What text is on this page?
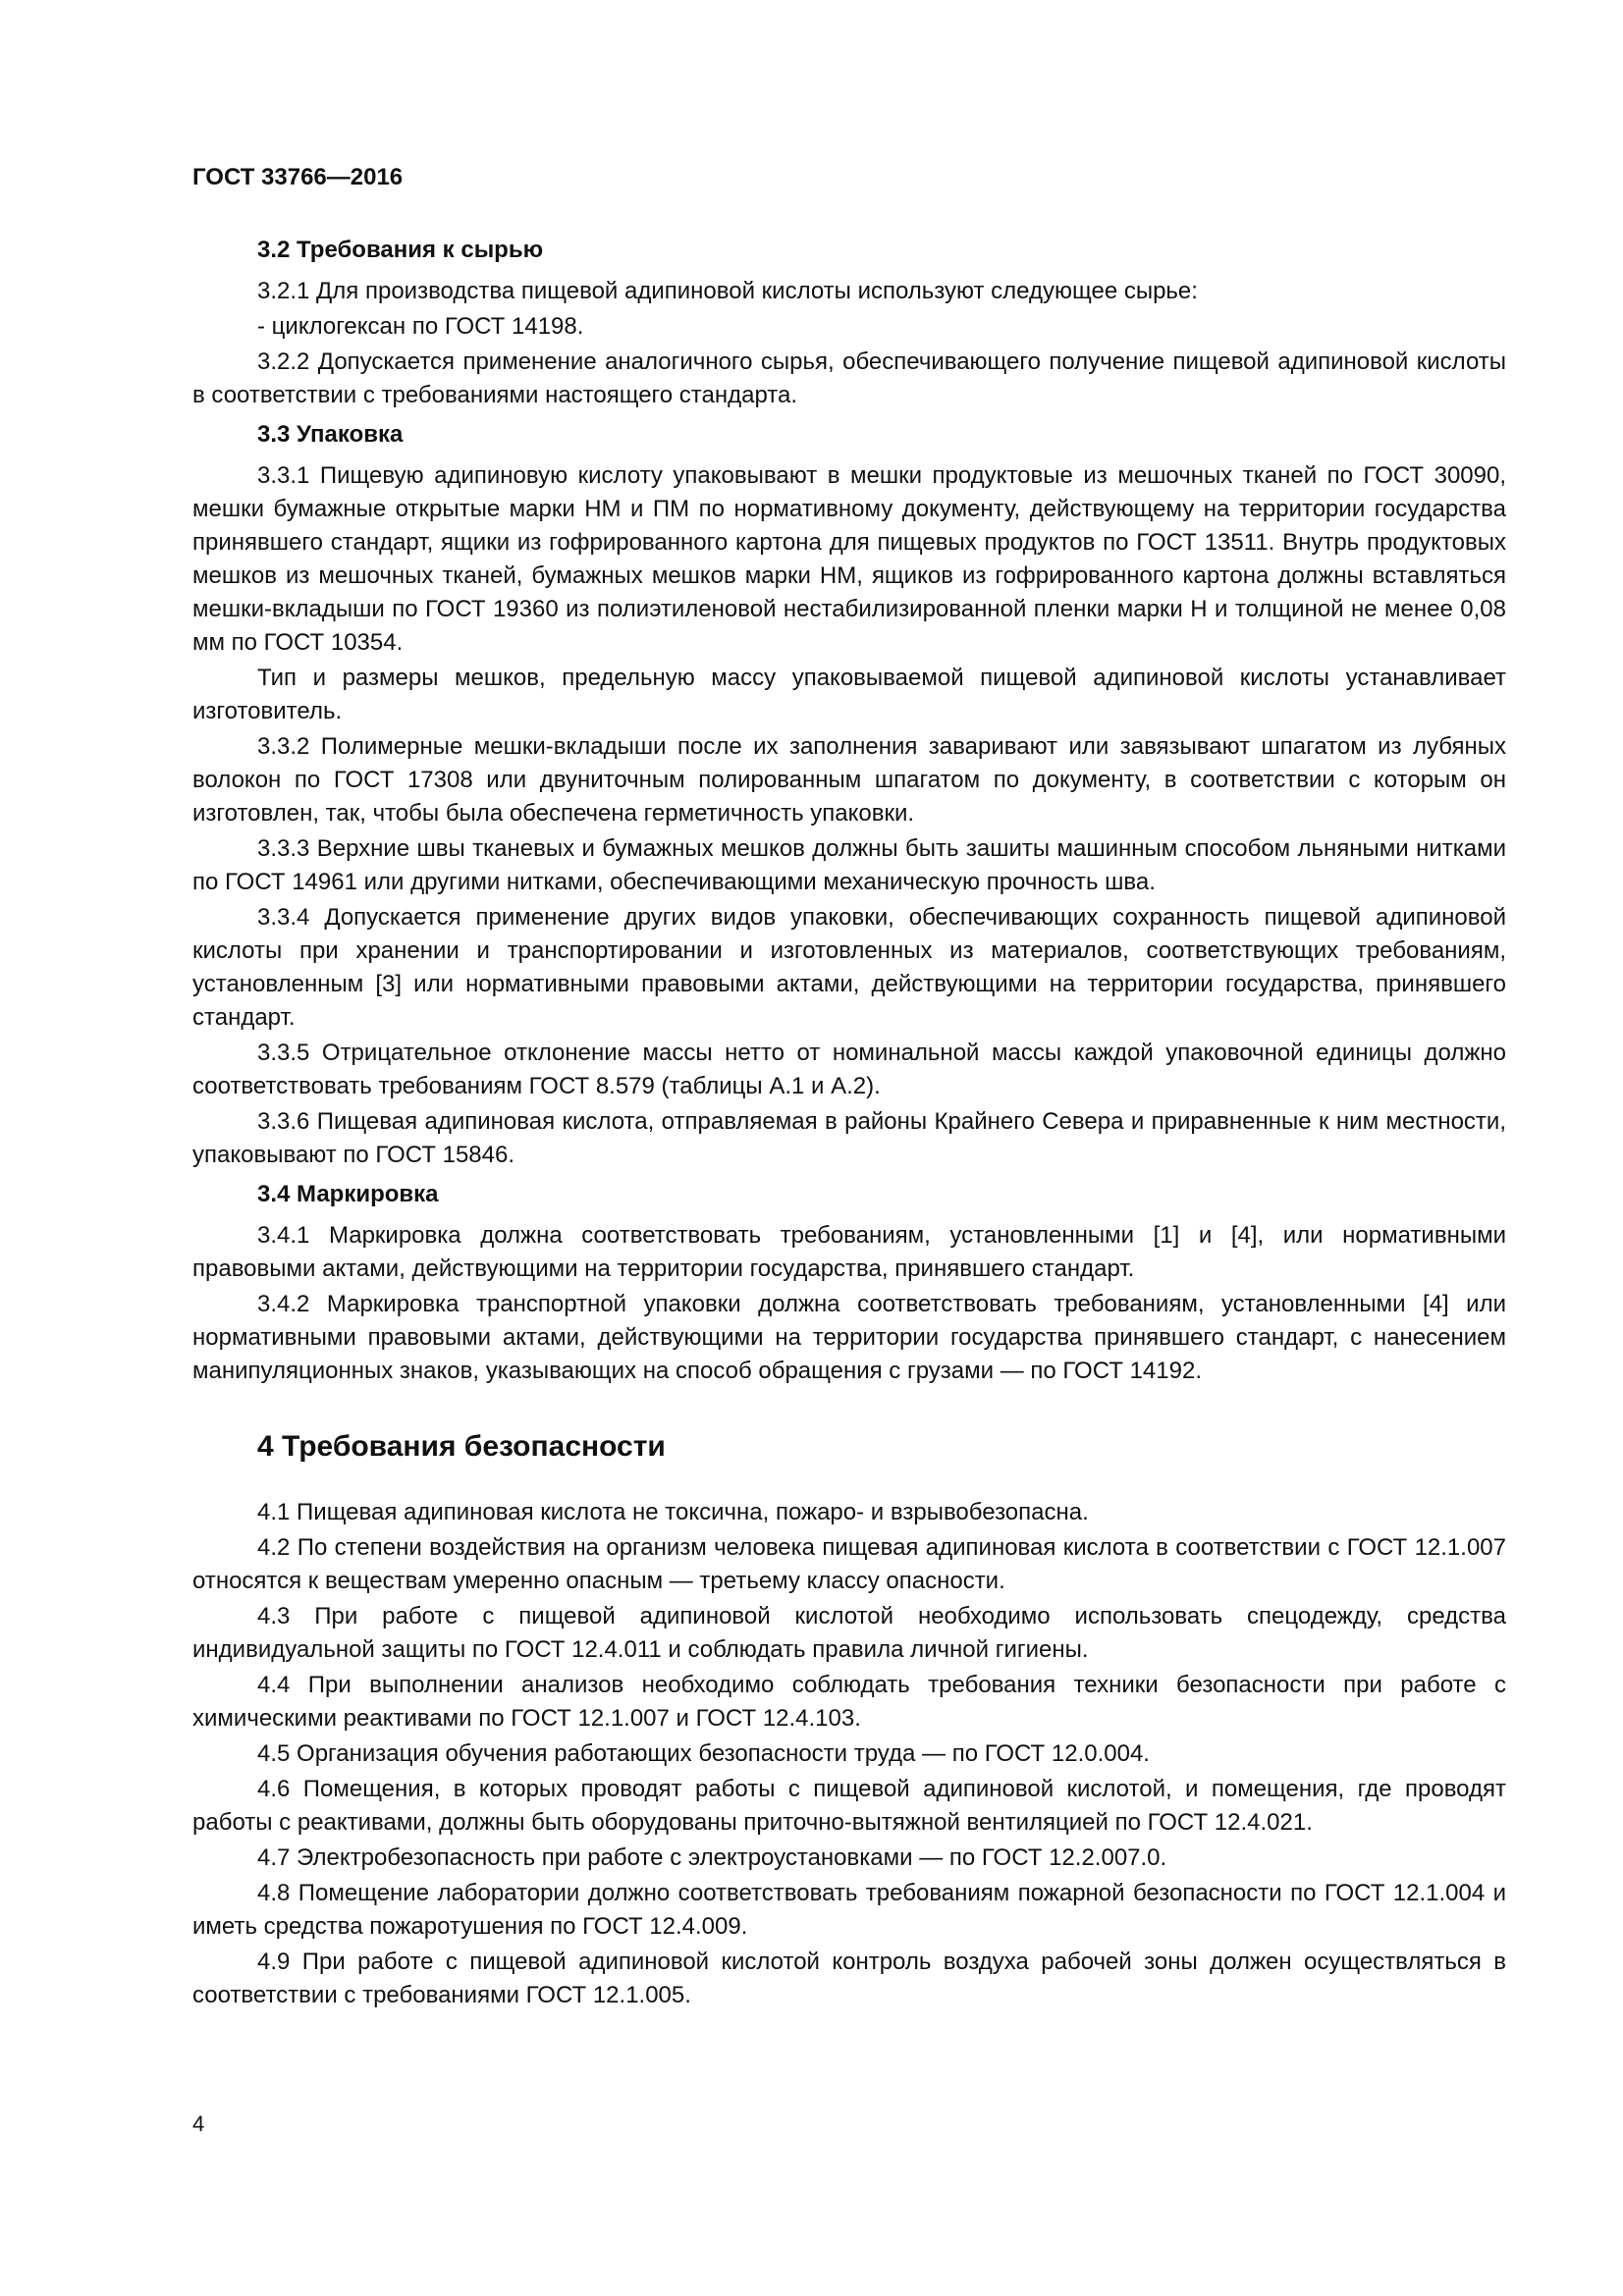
ГОСТ 33766—2016

3.2 Требования к сырью

3.2.1 Для производства пищевой адипиновой кислоты используют следующее сырье:

- циклогексан по ГОСТ 14198.

3.2.2 Допускается применение аналогичного сырья, обеспечивающего получение пищевой адипиновой кислоты в соответствии с требованиями настоящего стандарта.

3.3 Упаковка

3.3.1 Пищевую адипиновую кислоту упаковывают в мешки продуктовые из мешочных тканей по ГОСТ 30090, мешки бумажные открытые марки НМ и ПМ по нормативному документу, действующему на территории государства принявшего стандарт, ящики из гофрированного картона для пищевых продуктов по ГОСТ 13511. Внутрь продуктовых мешков из мешочных тканей, бумажных мешков марки НМ, ящиков из гофрированного картона должны вставляться мешки-вкладыши по ГОСТ 19360 из полиэтиленовой нестабилизированной пленки марки Н и толщиной не менее 0,08 мм по ГОСТ 10354.

Тип и размеры мешков, предельную массу упаковываемой пищевой адипиновой кислоты устанавливает изготовитель.

3.3.2 Полимерные мешки-вкладыши после их заполнения заваривают или завязывают шпагатом из лубяных волокон по ГОСТ 17308 или двуниточным полированным шпагатом по документу, в соответствии с которым он изготовлен, так, чтобы была обеспечена герметичность упаковки.

3.3.3 Верхние швы тканевых и бумажных мешков должны быть зашиты машинным способом льняными нитками по ГОСТ 14961 или другими нитками, обеспечивающими механическую прочность шва.

3.3.4 Допускается применение других видов упаковки, обеспечивающих сохранность пищевой адипиновой кислоты при хранении и транспортировании и изготовленных из материалов, соответствующих требованиям, установленным [3] или нормативными правовыми актами, действующими на территории государства, принявшего стандарт.

3.3.5 Отрицательное отклонение массы нетто от номинальной массы каждой упаковочной единицы должно соответствовать требованиям ГОСТ 8.579 (таблицы А.1 и А.2).

3.3.6 Пищевая адипиновая кислота, отправляемая в районы Крайнего Севера и приравненные к ним местности, упаковывают по ГОСТ 15846.

3.4 Маркировка

3.4.1 Маркировка должна соответствовать требованиям, установленными [1] и [4], или нормативными правовыми актами, действующими на территории государства, принявшего стандарт.

3.4.2 Маркировка транспортной упаковки должна соответствовать требованиям, установленными [4] или нормативными правовыми актами, действующими на территории государства принявшего стандарт, с нанесением манипуляционных знаков, указывающих на способ обращения с грузами — по ГОСТ 14192.

4 Требования безопасности

4.1 Пищевая адипиновая кислота не токсична, пожаро- и взрывобезопасна.

4.2 По степени воздействия на организм человека пищевая адипиновая кислота в соответствии с ГОСТ 12.1.007 относятся к веществам умеренно опасным — третьему классу опасности.

4.3 При работе с пищевой адипиновой кислотой необходимо использовать спецодежду, средства индивидуальной защиты по ГОСТ 12.4.011 и соблюдать правила личной гигиены.

4.4 При выполнении анализов необходимо соблюдать требования техники безопасности при работе с химическими реактивами по ГОСТ 12.1.007 и ГОСТ 12.4.103.

4.5 Организация обучения работающих безопасности труда — по ГОСТ 12.0.004.

4.6 Помещения, в которых проводят работы с пищевой адипиновой кислотой, и помещения, где проводят работы с реактивами, должны быть оборудованы приточно-вытяжной вентиляцией по ГОСТ 12.4.021.

4.7 Электробезопасность при работе с электроустановками — по ГОСТ 12.2.007.0.

4.8 Помещение лаборатории должно соответствовать требованиям пожарной безопасности по ГОСТ 12.1.004 и иметь средства пожаротушения по ГОСТ 12.4.009.

4.9 При работе с пищевой адипиновой кислотой контроль воздуха рабочей зоны должен осуществляться в соответствии с требованиями ГОСТ 12.1.005.

4
